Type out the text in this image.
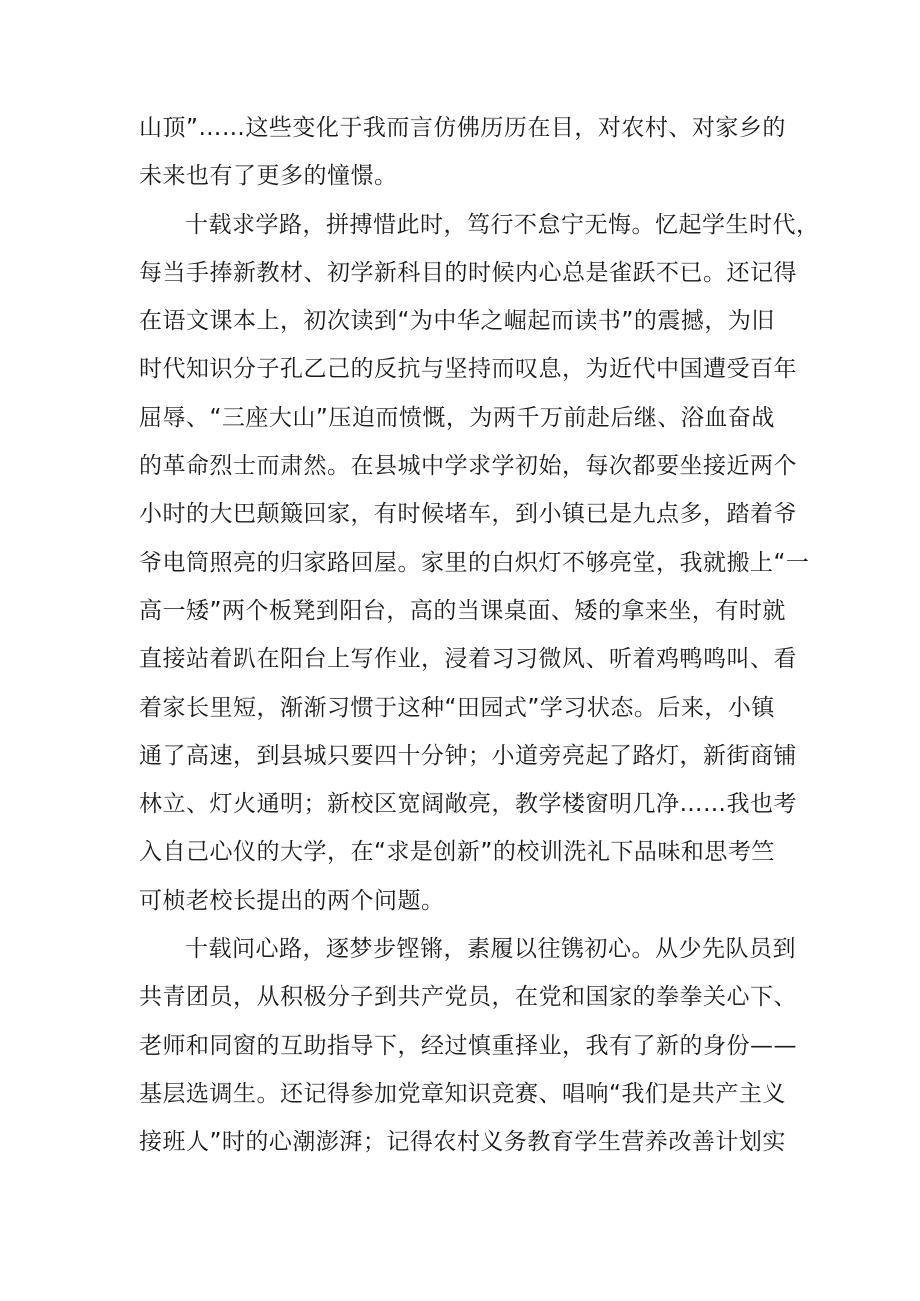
山顶”……这些变化于我而言仿佛历历在目，对农村、对家乡的
未来也有了更多的憧憬。
十载求学路，拼搏惜此时，笃行不怠宁无悔。忆起学生时代，
每当手捧新教材、初学新科目的时候内心总是雀跃不已。还记得
在语文课本上，初次读到“为中华之崛起而读书”的震撼，为旧
时代知识分子孔乙己的反抗与坚持而叹息，为近代中国遭受百年
屈辱、“三座大山”压迫而愤慨，为两千万前赴后继、浴血奋战
的革命烈士而肃然。在县城中学求学初始，每次都要坐接近两个
小时的大巴颠簸回家，有时候堵车，到小镇已是九点多，踏着爷
爷电筒照亮的归家路回屋。家里的白炽灯不够亮堂，我就搬上“一
高一矮”两个板凳到阳台，高的当课桌面、矮的拿来坐，有时就
直接站着趴在阳台上写作业，浸着习习微风、听着鸡鸭鸣叫、看
着家长里短，渐渐习惯于这种“田园式”学习状态。后来，小镇
通了高速，到县城只要四十分钟；小道旁亮起了路灯，新街商铺
林立、灯火通明；新校区宽阔敞亮，教学楼窗明几净……我也考
入自己心仪的大学，在“求是创新”的校训洗礼下品味和思考竺
可桢老校长提出的两个问题。
十载问心路，逐梦步铿锵，素履以往镌初心。从少先队员到
共青团员，从积极分子到共产党员，在党和国家的拳拳关心下、
老师和同窗的互助指导下，经过慎重择业，我有了新的身份——
基层选调生。还记得参加党章知识竞赛、唱响“我们是共产主义
接班人”时的心潮澎湃；记得农村义务教育学生营养改善计划实
